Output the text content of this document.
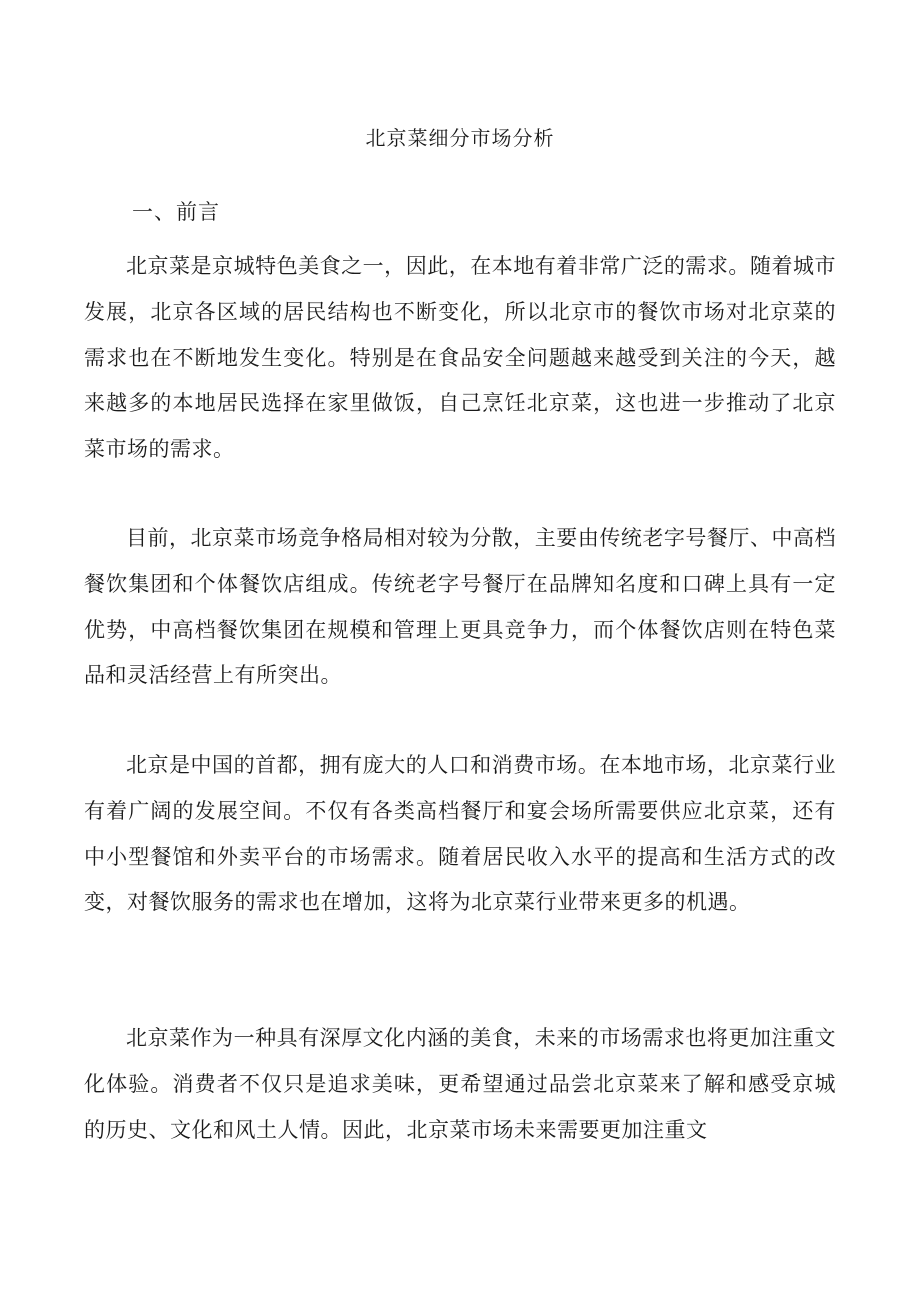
北京菜细分市场分析
一、前言

北京菜是京城特色美食之一，因此，在本地有着非常广泛的需求。随着城市发展，北京各区域的居民结构也不断变化，所以北京市的餐饮市场对北京菜的需求也在不断地发生变化。特别是在食品安全问题越来越受到关注的今天，越来越多的本地居民选择在家里做饭，自己烹饪北京菜，这也进一步推动了北京菜市场的需求。

目前，北京菜市场竞争格局相对较为分散，主要由传统老字号餐厅、中高档餐饮集团和个体餐饮店组成。传统老字号餐厅在品牌知名度和口碑上具有一定优势，中高档餐饮集团在规模和管理上更具竞争力，而个体餐饮店则在特色菜品和灵活经营上有所突出。

北京是中国的首都，拥有庞大的人口和消费市场。在本地市场，北京菜行业有着广阔的发展空间。不仅有各类高档餐厅和宴会场所需要供应北京菜，还有中小型餐馆和外卖平台的市场需求。随着居民收入水平的提高和生活方式的改变，对餐饮服务的需求也在增加，这将为北京菜行业带来更多的机遇。

北京菜作为一种具有深厚文化内涵的美食，未来的市场需求也将更加注重文化体验。消费者不仅只是追求美味，更希望通过品尝北京菜来了解和感受京城的历史、文化和风土人情。因此，北京菜市场未来需要更加注重文
